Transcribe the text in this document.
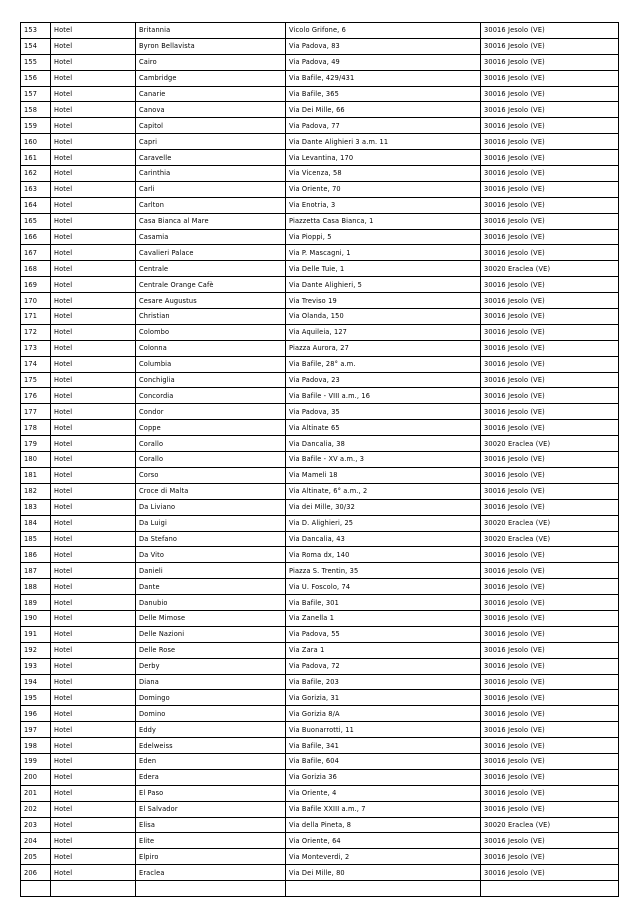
153	Hotel	Britannia	Vicolo Grifone, 6	30016 Jesolo (VE)
154	Hotel	Byron Bellavista	Via Padova, 83	30016 Jesolo (VE)
155	Hotel	Cairo	Via Padova, 49	30016 Jesolo (VE)
156	Hotel	Cambridge	Via Bafile, 429/431	30016 Jesolo (VE)
157	Hotel	Canarie	Via Bafile, 365	30016 Jesolo (VE)
158	Hotel	Canova	Via Dei Mille, 66	30016 Jesolo (VE)
159	Hotel	Capitol	Via Padova, 77	30016 Jesolo (VE)
160	Hotel	Capri	Via Dante Alighieri 3 a.m. 11	30016 Jesolo (VE)
161	Hotel	Caravelle	Via Levantina, 170	30016 Jesolo (VE)
162	Hotel	Carinthia	Via Vicenza, 58	30016 Jesolo (VE)
163	Hotel	Carli	Via Oriente, 70	30016 Jesolo (VE)
164	Hotel	Carlton	Via Enotria, 3	30016 Jesolo (VE)
165	Hotel	Casa Bianca al Mare	Piazzetta Casa Bianca, 1	30016 Jesolo (VE)
166	Hotel	Casamia	Via Pioppi, 5	30016 Jesolo (VE)
167	Hotel	Cavalieri Palace	Via P. Mascagni, 1	30016 Jesolo (VE)
168	Hotel	Centrale	Via Delle Tuie, 1	30020 Eraclea (VE)
169	Hotel	Centrale Orange Cafè	Via Dante Alighieri, 5	30016 Jesolo (VE)
170	Hotel	Cesare Augustus	Via Treviso 19	30016 Jesolo (VE)
171	Hotel	Christian	Via Olanda, 150	30016 Jesolo (VE)
172	Hotel	Colombo	Via Aquileia, 127	30016 Jesolo (VE)
173	Hotel	Colonna	Piazza Aurora, 27	30016 Jesolo (VE)
174	Hotel	Columbia	Via Bafile, 28° a.m.	30016 Jesolo (VE)
175	Hotel	Conchiglia	Via Padova, 23	30016 Jesolo (VE)
176	Hotel	Concordia	Via Bafile - VIII a.m., 16	30016 Jesolo (VE)
177	Hotel	Condor	Via Padova, 35	30016 Jesolo (VE)
178	Hotel	Coppe	Via Altinate 65	30016 Jesolo (VE)
179	Hotel	Corallo	Via Dancalia, 38	30020 Eraclea (VE)
180	Hotel	Corallo	Via Bafile - XV a.m., 3	30016 Jesolo (VE)
181	Hotel	Corso	Via Mameli 18	30016 Jesolo (VE)
182	Hotel	Croce di Malta	Via Altinate, 6° a.m., 2	30016 Jesolo (VE)
183	Hotel	Da Liviano	Via dei Mille, 30/32	30016 Jesolo (VE)
184	Hotel	Da Luigi	Via D. Alighieri, 25	30020 Eraclea (VE)
185	Hotel	Da Stefano	Via Dancalia, 43	30020 Eraclea (VE)
186	Hotel	Da Vito	Via Roma dx, 140	30016 Jesolo (VE)
187	Hotel	Danieli	Piazza S. Trentin, 35	30016 Jesolo (VE)
188	Hotel	Dante	Via U. Foscolo, 74	30016 Jesolo (VE)
189	Hotel	Danubio	Via Bafile, 301	30016 Jesolo (VE)
190	Hotel	Delle Mimose	Via Zanella 1	30016 Jesolo (VE)
191	Hotel	Delle Nazioni	Via Padova, 55	30016 Jesolo (VE)
192	Hotel	Delle Rose	Via Zara 1	30016 Jesolo (VE)
193	Hotel	Derby	Via Padova, 72	30016 Jesolo (VE)
194	Hotel	Diana	Via Bafile, 203	30016 Jesolo (VE)
195	Hotel	Domingo	Via Gorizia, 31	30016 Jesolo (VE)
196	Hotel	Domino	Via Gorizia 8/A	30016 Jesolo (VE)
197	Hotel	Eddy	Via Buonarrotti, 11	30016 Jesolo (VE)
198	Hotel	Edelweiss	Via Bafile, 341	30016 Jesolo (VE)
199	Hotel	Eden	Via Bafile, 604	30016 Jesolo (VE)
200	Hotel	Edera	Via Gorizia 36	30016 Jesolo (VE)
201	Hotel	El Paso	Via Oriente, 4	30016 Jesolo (VE)
202	Hotel	El Salvador	Via Bafile XXIII a.m., 7	30016 Jesolo (VE)
203	Hotel	Elisa	Via della Pineta, 8	30020 Eraclea (VE)
204	Hotel	Elite	Via Oriente, 64	30016 Jesolo (VE)
205	Hotel	Elpiro	Via Monteverdi, 2	30016 Jesolo (VE)
206	Hotel	Eraclea	Via Dei Mille, 80	30016 Jesolo (VE)
